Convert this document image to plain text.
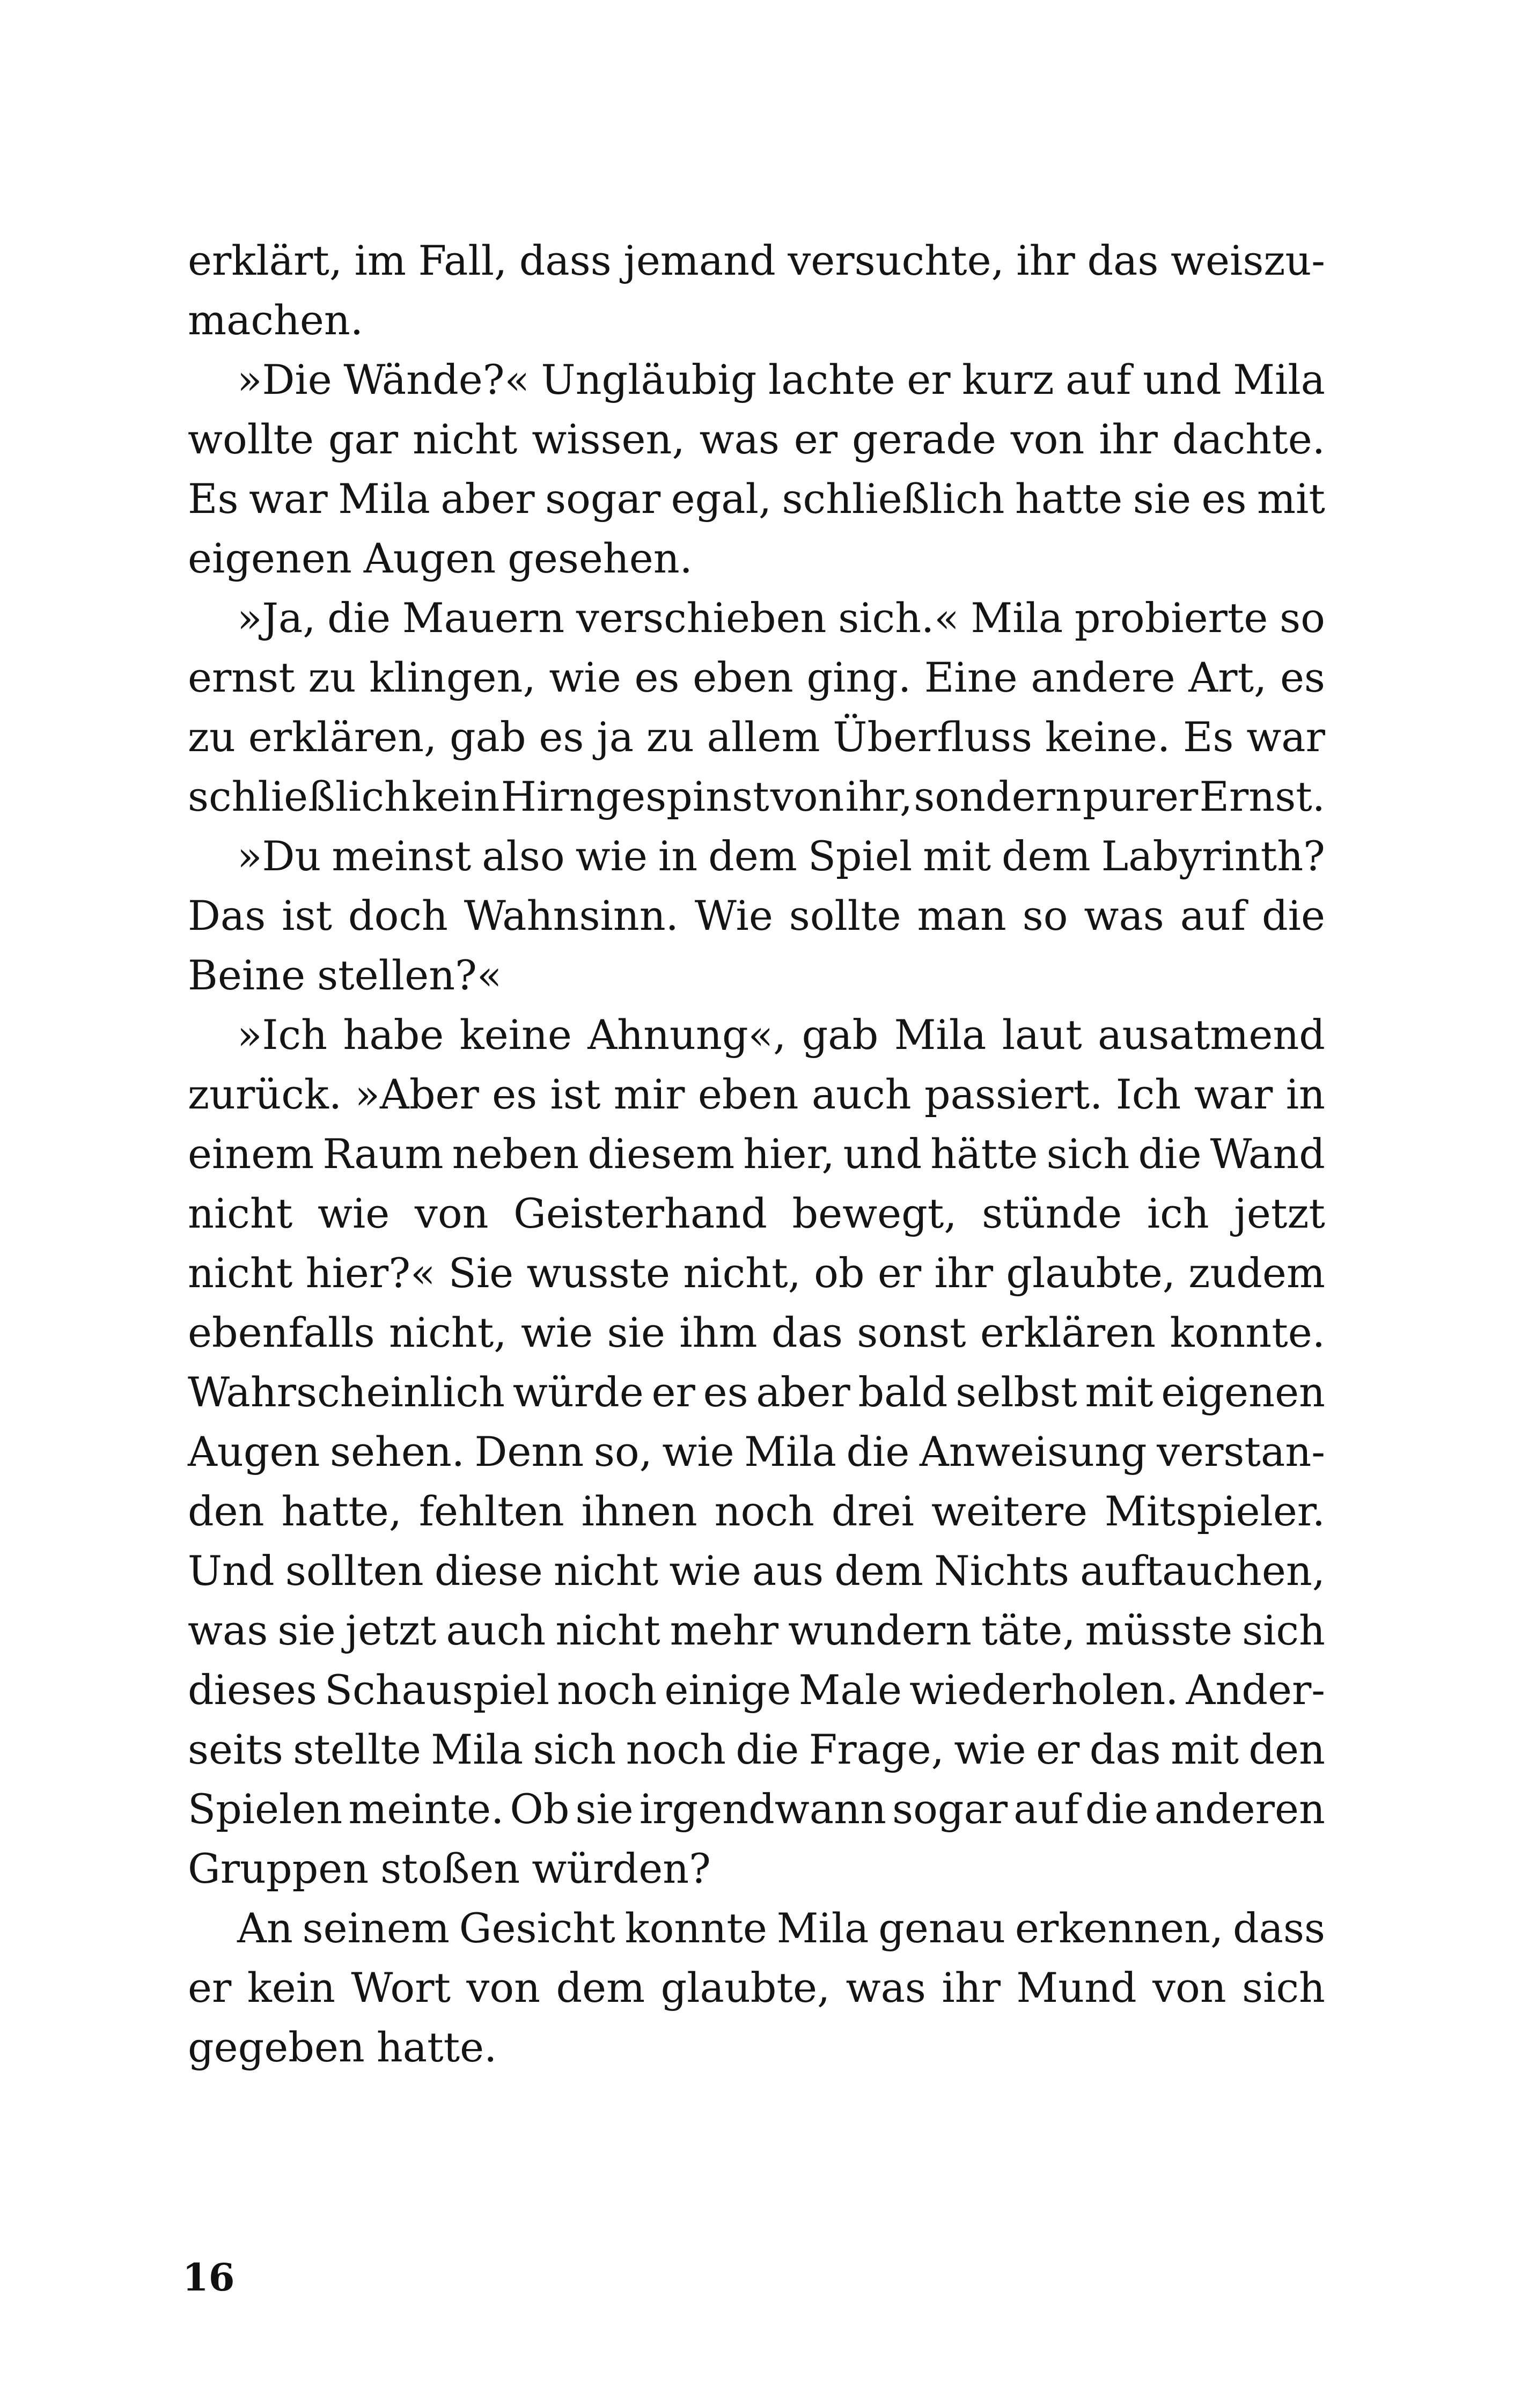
erklärt, im Fall, dass jemand versuchte, ihr das weiszu-
machen.
»Die Wände?« Ungläubig lachte er kurz auf und Mila
wollte gar nicht wissen, was er gerade von ihr dachte.
Es war Mila aber sogar egal, schließlich hatte sie es mit
eigenen Augen gesehen.
»Ja, die Mauern verschieben sich.« Mila probierte so
ernst zu klingen, wie es eben ging. Eine andere Art, es
zu erklären, gab es ja zu allem Überfluss keine. Es war
schließlich kein Hirngespinst von ihr, sondern purer Ernst.
»Du meinst also wie in dem Spiel mit dem Labyrinth?
Das ist doch Wahnsinn. Wie sollte man so was auf die
Beine stellen?«
»Ich habe keine Ahnung«, gab Mila laut ausatmend
zurück. »Aber es ist mir eben auch passiert. Ich war in
einem Raum neben diesem hier, und hätte sich die Wand
nicht wie von Geisterhand bewegt, stünde ich jetzt
nicht hier?« Sie wusste nicht, ob er ihr glaubte, zudem
ebenfalls nicht, wie sie ihm das sonst erklären konnte.
Wahrscheinlich würde er es aber bald selbst mit eigenen
Augen sehen. Denn so, wie Mila die Anweisung verstan-
den hatte, fehlten ihnen noch drei weitere Mitspieler.
Und sollten diese nicht wie aus dem Nichts auftauchen,
was sie jetzt auch nicht mehr wundern täte, müsste sich
dieses Schauspiel noch einige Male wiederholen. Ander-
seits stellte Mila sich noch die Frage, wie er das mit den
Spielen meinte. Ob sie irgendwann sogar auf die anderen
Gruppen stoßen würden?
An seinem Gesicht konnte Mila genau erkennen, dass
er kein Wort von dem glaubte, was ihr Mund von sich
gegeben hatte.
16
